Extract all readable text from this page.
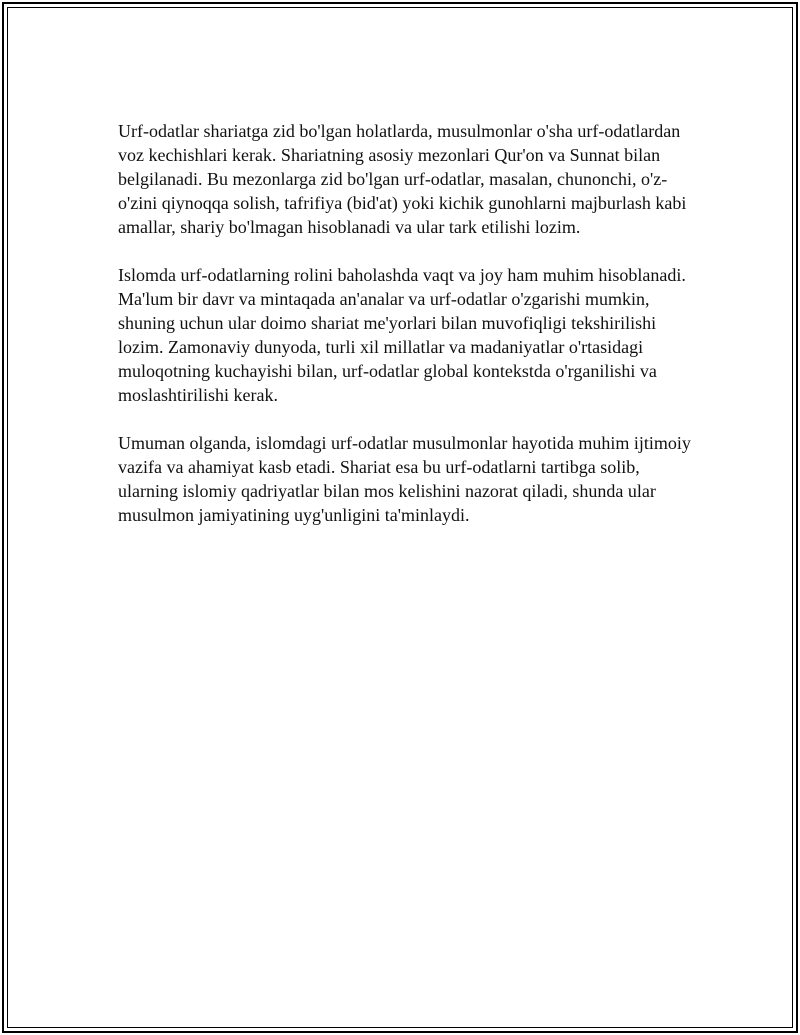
Urf-odatlar shariatga zid bo'lgan holatlarda, musulmonlar o'sha urf-odatlardan voz kechishlari kerak. Shariatning asosiy mezonlari Qur'on va Sunnat bilan belgilanadi. Bu mezonlarga zid bo'lgan urf-odatlar, masalan, chunonchi, o'z-o'zini qiynoqqa solish, tafrifiya (bid'at) yoki kichik gunohlarni majburlash kabi amallar, shariy bo'lmagan hisoblanadi va ular tark etilishi lozim.

Islomda urf-odatlarning rolini baholashda vaqt va joy ham muhim hisoblanadi. Ma'lum bir davr va mintaqada an'analar va urf-odatlar o'zgarishi mumkin, shuning uchun ular doimo shariat me'yorlari bilan muvofiqligi tekshirilishi lozim. Zamonaviy dunyoda, turli xil millatlar va madaniyatlar o'rtasidagi muloqotning kuchayishi bilan, urf-odatlar global kontekstda o'rganilishi va moslashtirilishi kerak.

Umuman olganda, islomdagi urf-odatlar musulmonlar hayotida muhim ijtimoiy vazifa va ahamiyat kasb etadi. Shariat esa bu urf-odatlarni tartibga solib, ularning islomiy qadriyatlar bilan mos kelishini nazorat qiladi, shunda ular musulmon jamiyatining uyg'unligini ta'minlaydi.
